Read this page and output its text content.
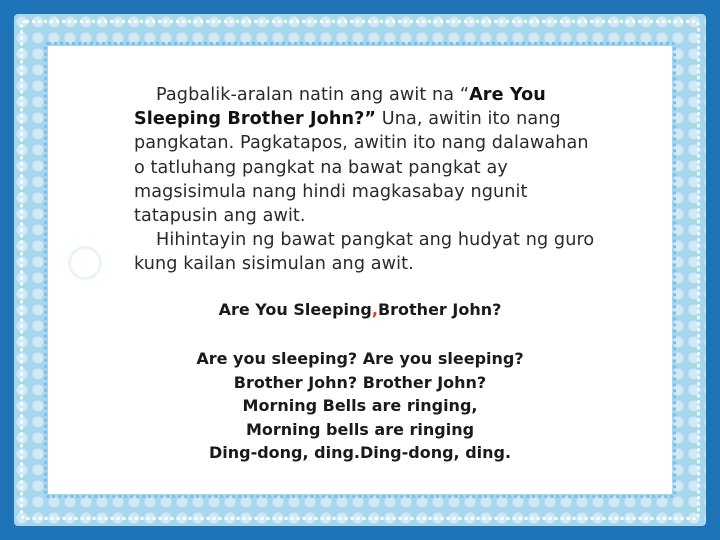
Pagbalik-aralan natin ang awit na “Are You Sleeping Brother John?” Una, awitin ito nang pangkatan. Pagkatapos, awitin ito nang dalawahan o tatluhang pangkat na bawat pangkat ay magsisimula nang hindi magkasabay ngunit tatapusin ang awit.
Hihintayin ng bawat pangkat ang hudyat ng guro kung kailan sisimulan ang awit.
Are You Sleeping,Brother John?
Are you sleeping? Are you sleeping?
Brother John? Brother John?
Morning Bells are ringing,
Morning bells are ringing
Ding-dong, ding.Ding-dong, ding.
